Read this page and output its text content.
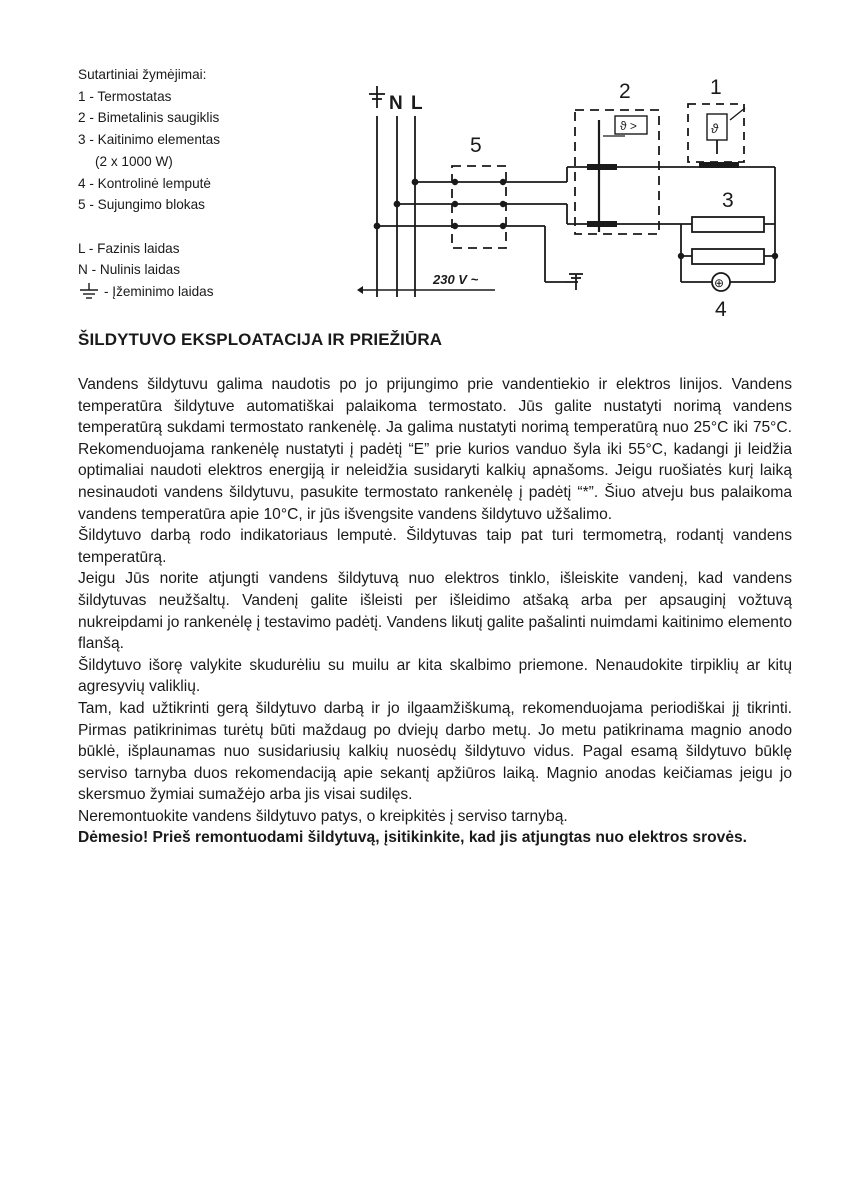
Sutartiniai žymėjimai:
1 - Termostatas
2 - Bimetalinis saugiklis
3 - Kaitinimo elementas
(2 x 1000 W)
4 - Kontrolinė lemputė
5 - Sujungimo blokas
L - Fazinis laidas
N - Nulinis laidas
- Įžeminimo laidas
N L
5
230 V ~
2
ϑ >
1
ϑ
3
⊕
4
ŠILDYTUVO EKSPLOATACIJA IR PRIEŽIŪRA

Vandens šildytuvu galima naudotis po jo prijungimo prie vandentiekio ir elektros linijos. Vandens temperatūra šildytuve automatiškai palaikoma termostato. Jūs galite nustatyti norimą vandens temperatūrą sukdami termostato rankenėlę. Ja galima nustatyti norimą temperatūrą nuo 25°C iki 75°C. Rekomenduojama rankenėlę nustatyti į padėtį “E” prie kurios vanduo šyla iki 55°C, kadangi ji leidžia optimaliai naudoti elektros energiją ir neleidžia susidaryti kalkių apnašoms. Jeigu ruošiatės kurį laiką nesinaudoti vandens šildytuvu, pasukite termostato rankenėlę į padėtį “*”. Šiuo atveju bus palaikoma vandens temperatūra apie 10°C, ir jūs išvengsite vandens šildytuvo užšalimo.

Šildytuvo darbą rodo indikatoriaus lemputė. Šildytuvas taip pat turi termometrą, rodantį vandens temperatūrą.

Jeigu Jūs norite atjungti vandens šildytuvą nuo elektros tinklo, išleiskite vandenį, kad vandens šildytuvas neužšaltų. Vandenį galite išleisti per išleidimo atšaką arba per apsauginį vožtuvą nukreipdami jo rankenėlę į testavimo padėtį. Vandens likutį galite pašalinti nuimdami kaitinimo elemento flanšą.

Šildytuvo išorę valykite skudurėliu su muilu ar kita skalbimo priemone. Nenaudokite tirpiklių ar kitų agresyvių valiklių.

Tam, kad užtikrinti gerą šildytuvo darbą ir jo ilgaamžiškumą, rekomenduojama periodiškai jį tikrinti. Pirmas patikrinimas turėtų būti maždaug po dviejų darbo metų. Jo metu patikrinama magnio anodo būklė, išplaunamas nuo susidariusių kalkių nuosėdų šildytuvo vidus. Pagal esamą šildytuvo būklę serviso tarnyba duos rekomendaciją apie sekantį apžiūros laiką. Magnio anodas keičiamas jeigu jo skersmuo žymiai sumažėjo arba jis visai sudilęs.

Neremontuokite vandens šildytuvo patys, o kreipkitės į serviso tarnybą.

Dėmesio! Prieš remontuodami šildytuvą, įsitikinkite, kad jis atjungtas nuo elektros srovės.
